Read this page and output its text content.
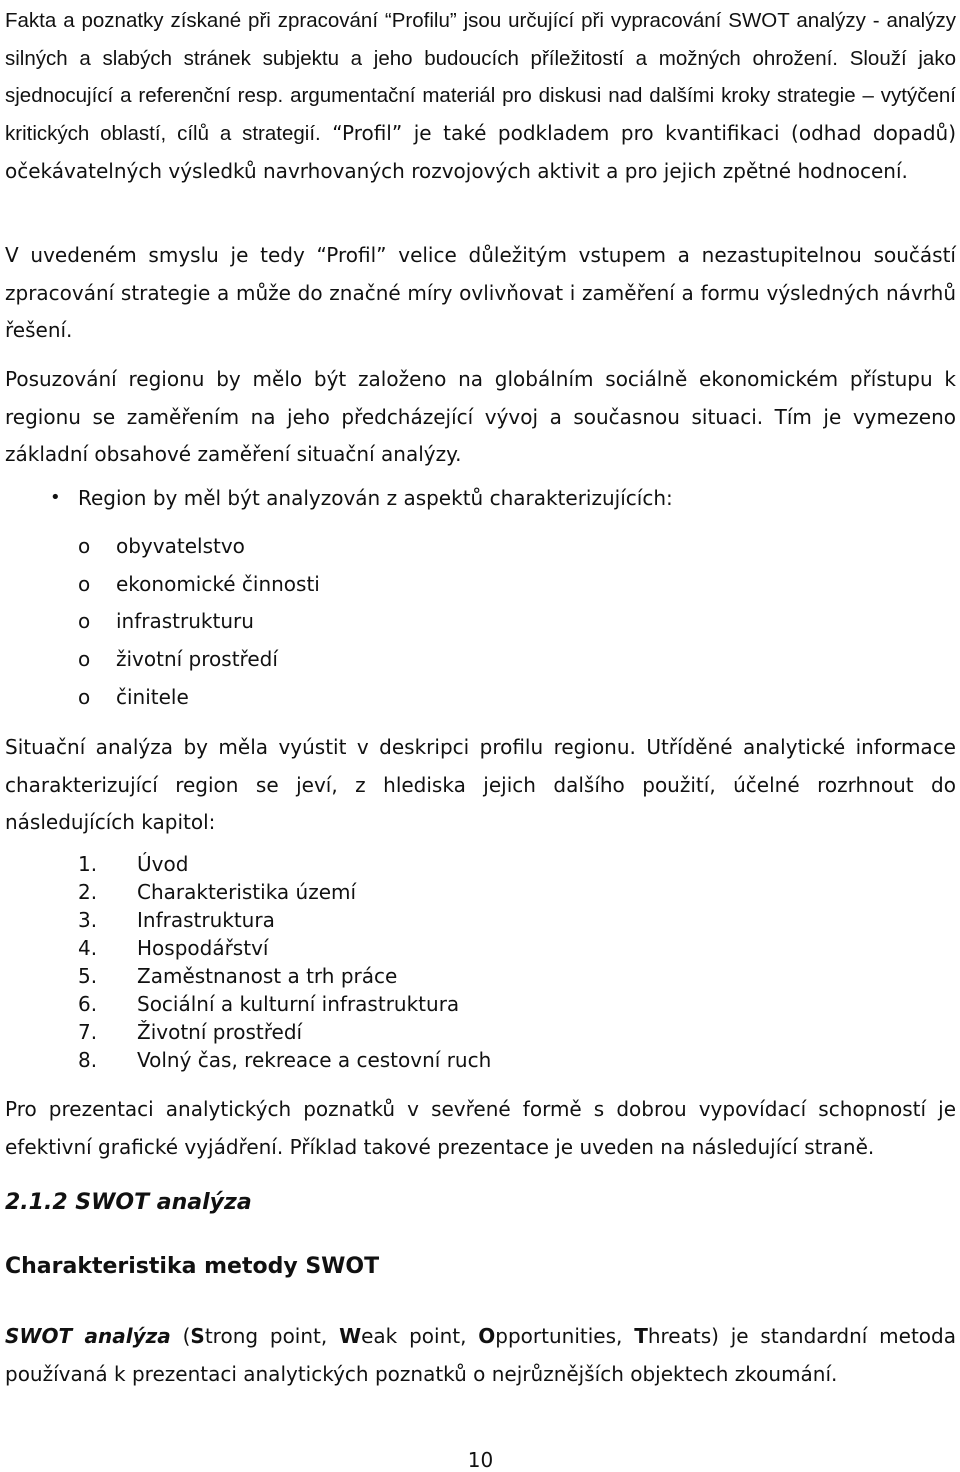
Fakta a poznatky získané při zpracování “Profilu” jsou určující při vypracování SWOT analýzy - analýzy silných a slabých stránek subjektu a jeho budoucích příležitostí a možných ohrožení. Slouží jako sjednocující a referenční resp. argumentační materiál pro diskusi nad dalšími kroky strategie – vytýčení kritických oblastí, cílů a strategií. “Profil” je také podkladem pro kvantifikaci (odhad dopadů) očekávatelných výsledků navrhovaných rozvojových aktivit a pro jejich zpětné hodnocení.

V uvedeném smyslu je tedy “Profil” velice důležitým vstupem a nezastupitelnou součástí zpracování strategie a může do značné míry ovlivňovat i zaměření a formu výsledných návrhů řešení.

Posuzování regionu by mělo být založeno na globálním sociálně ekonomickém přístupu k regionu se zaměřením na jeho předcházející vývoj a současnou situaci. Tím je vymezeno základní obsahové zaměření situační analýzy.

• Region by měl být analyzován z aspektů charakterizujících:
o obyvatelstvo
o ekonomické činnosti
o infrastrukturu
o životní prostředí
o činitele

Situační analýza by měla vyústit v deskripci profilu regionu. Utříděné analytické informace charakterizující region se jeví, z hlediska jejich dalšího použití, účelné rozrhnout do následujících kapitol:

1. Úvod
2. Charakteristika území
3. Infrastruktura
4. Hospodářství
5. Zaměstnanost a trh práce
6. Sociální a kulturní infrastruktura
7. Životní prostředí
8. Volný čas, rekreace a cestovní ruch

Pro prezentaci analytických poznatků v sevřené formě s dobrou vypovídací schopností je efektivní grafické vyjádření. Příklad takové prezentace je uveden na následující straně.

2.1.2 SWOT analýza
Charakteristika metody SWOT

SWOT analýza (Strong point, Weak point, Opportunities, Threats) je standardní metoda používaná k prezentaci analytických poznatků o nejrůznějších objektech zkoumání.

10
